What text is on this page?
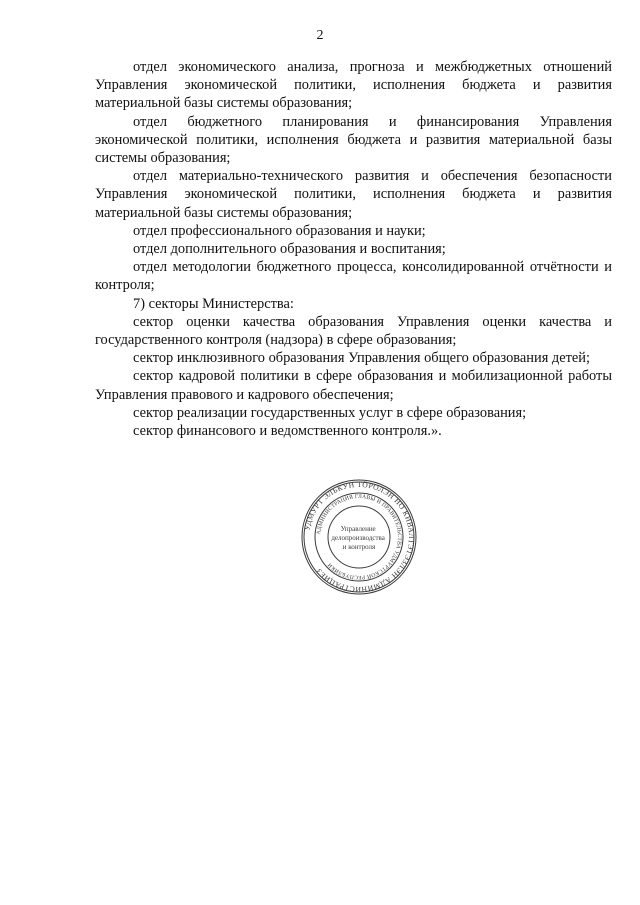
2

отдел экономического анализа, прогноза и межбюджетных отношений Управления экономической политики, исполнения бюджета и развития материальной базы системы образования;

отдел бюджетного планирования и финансирования Управления экономической политики, исполнения бюджета и развития материальной базы системы образования;

отдел материально-технического развития и обеспечения безопасности Управления экономической политики, исполнения бюджета и развития материальной базы системы образования;

отдел профессионального образования и науки;

отдел дополнительного образования и воспитания;

отдел методологии бюджетного процесса, консолидированной отчётности и контроля;

7) секторы Министерства:

сектор оценки качества образования Управления оценки качества и государственного контроля (надзора) в сфере образования;

сектор инклюзивного образования Управления общего образования детей;

сектор кадровой политики в сфере образования и мобилизационной работы Управления правового и кадрового обеспечения;

сектор реализации государственных услуг в сфере образования;

сектор финансового и ведомственного контроля.».

УДМУРТ ЭЛЬКУН ТӦРОЛЭН НО КИВАЛТЭТЭЗЛЭН АДМИНИСТРАЦИЕЗ
АДМИНИСТРАЦИЯ ГЛАВЫ И ПРАВИТЕЛЬСТВА УДМУРТСКОЙ РЕСПУБЛИКИ
Управление делопроизводства и контроля
